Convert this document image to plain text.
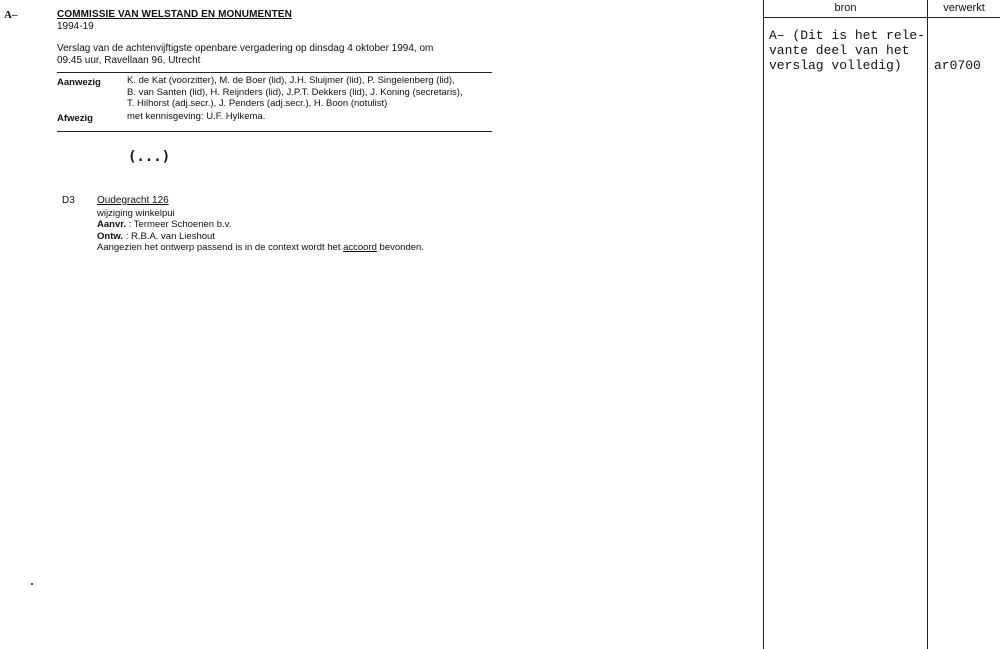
A–	COMMISSIE VAN WELSTAND EN MONUMENTEN
1994-19
Verslag van de achtenvijftigste openbare vergadering op dinsdag 4 oktober 1994, om
09.45 uur, Ravellaan 96, Utrecht
Aanwezig	K. de Kat (voorzitter), M. de Boer (lid), J.H. Sluijmer (lid), P. Singelenberg (lid),
B. van Santen (lid), H. Reijnders (lid), J.P.T. Dekkers (lid), J. Koning (secretaris),
T. Hilhorst (adj.secr.), J. Penders (adj.secr.), H. Boon (notulist)
Afwezig	met kennisgeving: U.F. Hylkema.
(...)
D3 Oudegracht 126
wijziging winkelpui
Aanvr. : Termeer Schoenen b.v.
Ontw. : R.B.A. van Lieshout
Aangezien het ontwerp passend is in de context wordt het accoord bevonden.
bron	verwerkt
A– (Dit is het rele-
vante deel van het
verslag volledig)	ar0700
